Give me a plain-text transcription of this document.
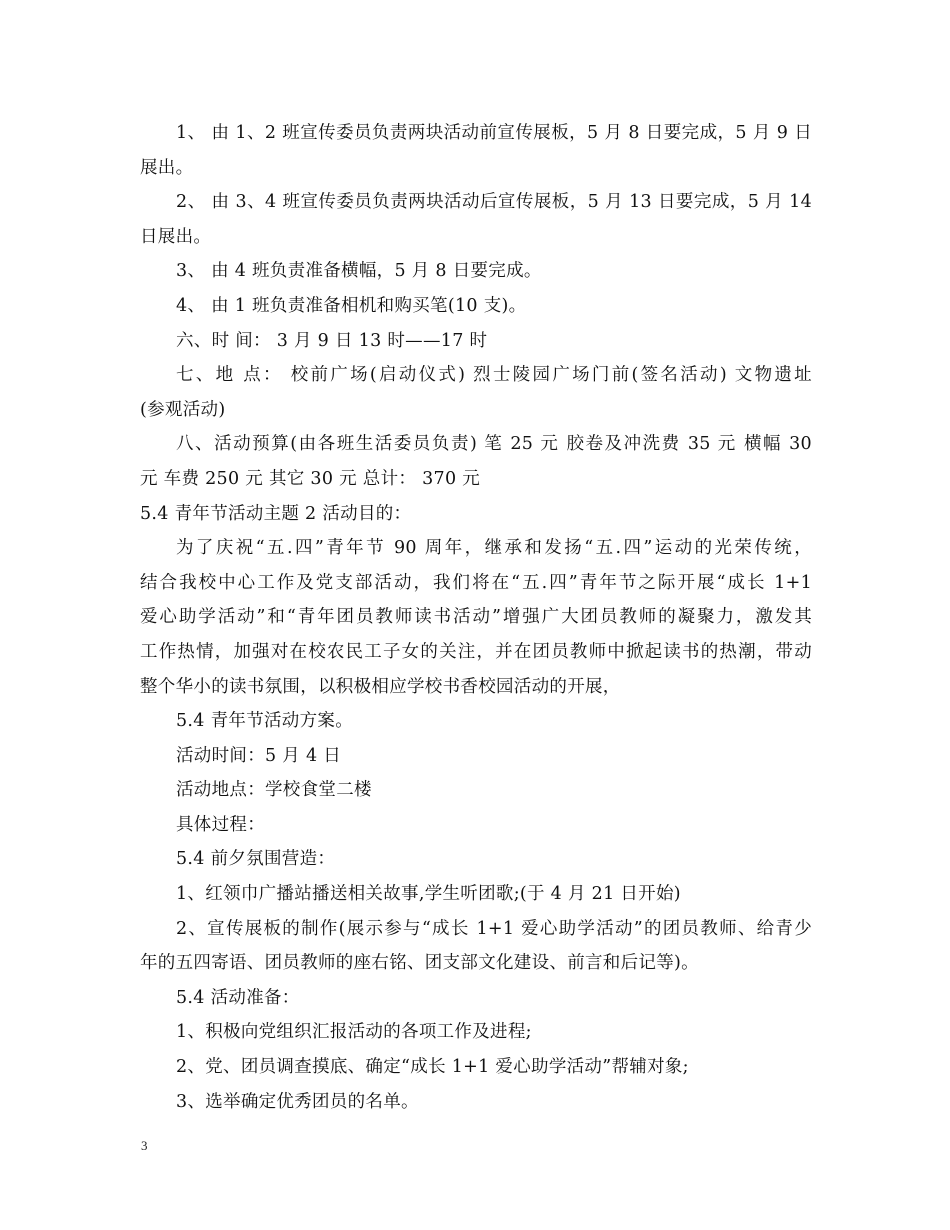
1、 由 1、2 班宣传委员负责两块活动前宣传展板，5 月 8 日要完成，5 月 9 日
展出。
2、 由 3、4 班宣传委员负责两块活动后宣传展板，5 月 13 日要完成，5 月 14
日展出。
3、 由 4 班负责准备横幅，5 月 8 日要完成。
4、 由 1 班负责准备相机和购买笔(10 支)。
六、时 间： 3 月 9 日 13 时——17 时
七、地 点： 校前广场(启动仪式) 烈士陵园广场门前(签名活动) 文物遗址
(参观活动)
八、活动预算(由各班生活委员负责) 笔 25 元 胶卷及冲洗费 35 元 横幅 30
元 车费 250 元 其它 30 元 总计： 370 元
5.4 青年节活动主题 2 活动目的：
为了庆祝“五.四”青年节 90 周年，继承和发扬“五.四”运动的光荣传统，
结合我校中心工作及党支部活动，我们将在“五.四”青年节之际开展“成长 1+1
爱心助学活动”和“青年团员教师读书活动”增强广大团员教师的凝聚力，激发其
工作热情，加强对在校农民工子女的关注，并在团员教师中掀起读书的热潮，带动
整个华小的读书氛围，以积极相应学校书香校园活动的开展，
5.4 青年节活动方案。
活动时间：5 月 4 日
活动地点：学校食堂二楼
具体过程：
5.4 前夕氛围营造：
1、红领巾广播站播送相关故事,学生听团歌;(于 4 月 21 日开始)
2、宣传展板的制作(展示参与“成长 1+1 爱心助学活动”的团员教师、给青少
年的五四寄语、团员教师的座右铭、团支部文化建设、前言和后记等)。
5.4 活动准备：
1、积极向党组织汇报活动的各项工作及进程;
2、党、团员调查摸底、确定“成长 1+1 爱心助学活动”帮辅对象;
3、选举确定优秀团员的名单。
3
